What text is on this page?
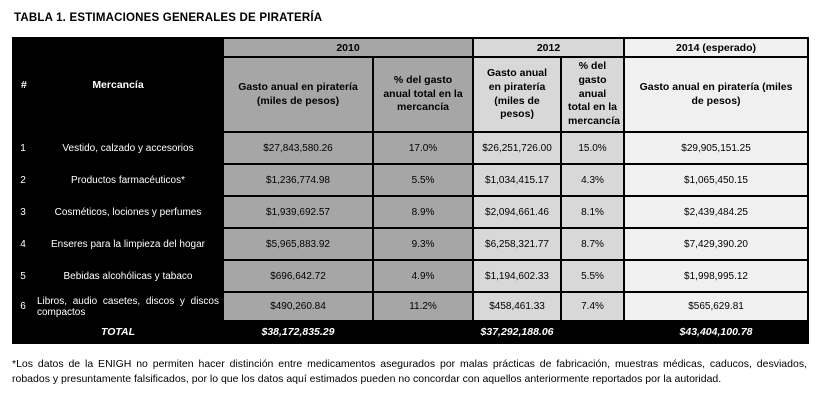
TABLA 1. ESTIMACIONES GENERALES DE PIRATERÍA
# Mercancía		2010		2012		2014 (esperado)
		Gasto anual en piratería (miles de pesos)	% del gasto anual total en la mercancía	Gasto anual en piratería (miles de pesos)	% del gasto anual total en la mercancía	Gasto anual en piratería (miles de pesos)
1	Vestido, calzado y accesorios	$27,843,580.26	17.0%	$26,251,726.00	15.0%	$29,905,151.25
2	Productos farmacéuticos*	$1,236,774.98	5.5%	$1,034,415.17	4.3%	$1,065,450.15
3	Cosméticos, lociones y perfumes	$1,939,692.57	8.9%	$2,094,661.46	8.1%	$2,439,484.25
4	Enseres para la limpieza del hogar	$5,965,883.92	9.3%	$6,258,321.77	8.7%	$7,429,390.20
5	Bebidas alcohólicas y tabaco	$696,642.72	4.9%	$1,194,602.33	5.5%	$1,998,995.12
6	Libros, audio casetes, discos y discos compactos	$490,260.84	11.2%	$458,461.33	7.4%	$565,629.81
TOTAL		$38,172,835.29		$37,292,188.06		$43,404,100.78
*Los datos de la ENIGH no permiten hacer distinción entre medicamentos asegurados por malas prácticas de fabricación, muestras médicas, caducos, desviados, robados y presuntamente falsificados, por lo que los datos aquí estimados pueden no concordar con aquellos anteriormente reportados por la autoridad.
